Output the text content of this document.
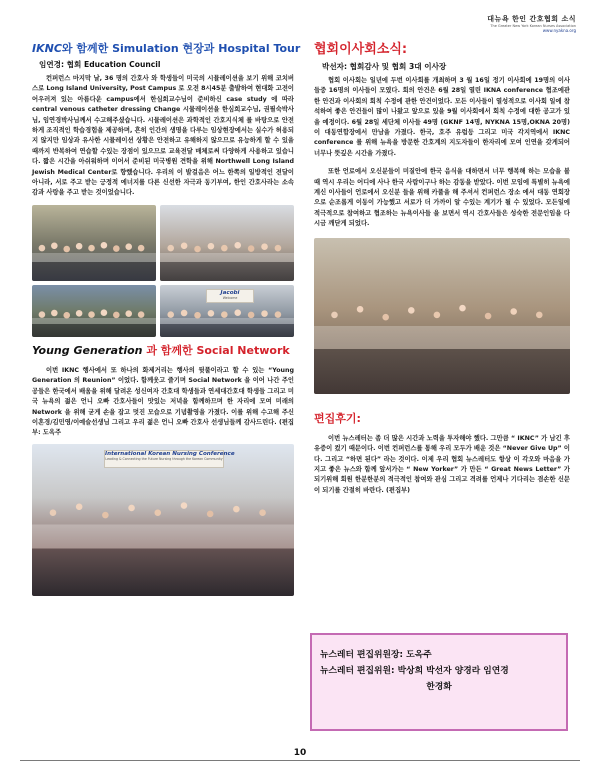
대뉴욕 한인 간호협회 소식
The Greater New York Korean Nurses Association
www.nyakna.org
IKNC와 함께한 Simulation 현장과 Hospital Tour
임연경: 협회 Education Council

컨퍼런스 마지막 날, 36 명의 간호사 와 학생들이 미국의 시뮬레이션을 보기 위해 코치버스로 Long Island University, Post Campus 로 오전 8시45분 출발하여 현대화 고전이 어우러져 있는 아름다운 campus에서 한심희교수님이 준비하신 case study 에 따라 central venous catheter dressing Change 시뮬레이션을 한심희교수님, 권필숙박사님, 임연경박사님께서 수고해주셨습니다. 시뮬레이션은 과학적인 간호지식체 를 바탕으로 안전하게 조직적인 학습경험을 제공하며, 흔히 인간의 생명을 다루는 임상현장에서는 실수가 허용되지 않지만 임상과 유사한 시뮬레이션 상황은 안전하고 유해하지 않으므로 유능하게 할 수 있을 때까지 반복하여 연습할 수있는 장점이 있으므로 교육전달 매체로써 다양하게 사용하고 있습니다. 짧은 시간을 아쉬워하며 이어서 준비된 미국병원 견학을 위해 Northwell Long Island Jewish Medical Center로 향했습니다. 우리의 이 발걸음은 어느 한쪽의 일방적인 전달이 아니라, 서로 주고 받는 긍정적 에너지를 다른 신선한 자극과 동기부여, 한인 간호사라는 소속감과 사랑을 주고 받는 것이었습니다.

Jacobi
Welcome
Young Generation 과 함께한 Social Network

이번 IKNC 행사에서 또 하나의 화제거리는 행사의 뒷풀이라고 할 수 있는 “Young Generation 의 Reunion” 이었다. 함께웃고 즐기며 Social Network 을 이어 나간 주인공들은 한국에서 배움을 위해 달려온 성신여자 간호대 학생들과 연세대간호대 학생들 그리고 미국 뉴욕의 젊은 언니 오빠 간호사들이 맛있는 저녁을 함께하므며 한 자리에 모여 미래의 Network 을 위해 굳게 손을 잡고 멋진 모습으로 기념촬영을 가졌다. 이를 위해 수고해 주신 이혼경/김민영/이예슬선생님 그리고 우리 젊은 언니 오빠 간호사 선생님들께 감사드린다. (편집부: 도옥주

International Korean Nursing Conference
Leading & Connecting the Future Nursing through the Korean Community
협회이사회소식:
박선자: 협회감사 및 협회 3대 이사장

협회 이사회는 일년에 두번 이사회를 개최하며 3 월 16일 정기 이사회에 19명의 이사들중 16명의 이사들이 모였다. 회의 안건은 6월 28일 열린 IKNA conference 협조에관한 안건과 이사회의 회칙 수정에 관한 안건이었다. 모든 이사들이 열성적으로 이사회 일에 참석하여 좋은 안건들이 많이 나왔고 앞으로 있을 9월 이사회에서 회칙 수정에 대한 공고가 있을 예정이다. 6월 28일 세단체 이사들 49명 (GKNF 14명, NYKNA 15명,OKNA 20명)이 대동연합장에서 만남을 가졌다. 한국, 호주 유럽등 그리고 미국 각지역에서 IKNC conference 를 위해 뉴욕을 방문한 간호계의 지도자들이 한자리에 모여 인연을 갖게되어 너무나 뜻깊은 시간을 가졌다.

또한 언로에서 오신분들이 미질안에 한국 음식을 대하면서 너무 행복해 하는 모습을 볼때 역시 우리는 어디에 사나 한국 사람이구나 하는 감동을 받았다. 이번 모임에 특별히 뉴욕에 계신 이사들이 언로에서 오신분 들을 위해 카풀을 해 주셔서 컨퍼런스 장소 에서 대동 연회장으로 순조롭게 이동이 가능했고 서로가 더 가까이 알 수있는 계기가 될 수 있었다. 모든일에 적극적으로 참여하고 협조하는 뉴욕이사들 을 보면서 역시 간호사들은 성숙한 전문인임을 다시금 깨닫게 되었다.

편집후기:

이번 뉴스레터는 좀 더 많은 시간과 노력을 투자해야 했다. 그만큼 “ IKNC” 가 남긴 후유증이 컸기 때문이다. 이번 컨퍼런스를 통해 우리 모두가 배운 것은 “Never Give Up” 이다. 그리고 “하면 된다” 라는 것이다. 이제 우리 협회 뉴스레터도 항상 이 각오와 마음을 가지고 좋은 뉴스와 함께 앞서가는 “ New Yorker” 가 만든 “ Great News Letter” 가 되기위해 회원 한분한분의 적극적인 참여와 관심 그리고 격려를 언제나 기다리는 겸손한 신문이 되기를 간절히 바란다. (편집부)

뉴스레터 편집위원장: 도옥주
뉴스레터 편집위원: 박상희 박선자 양경라 임연경
한경화
10
